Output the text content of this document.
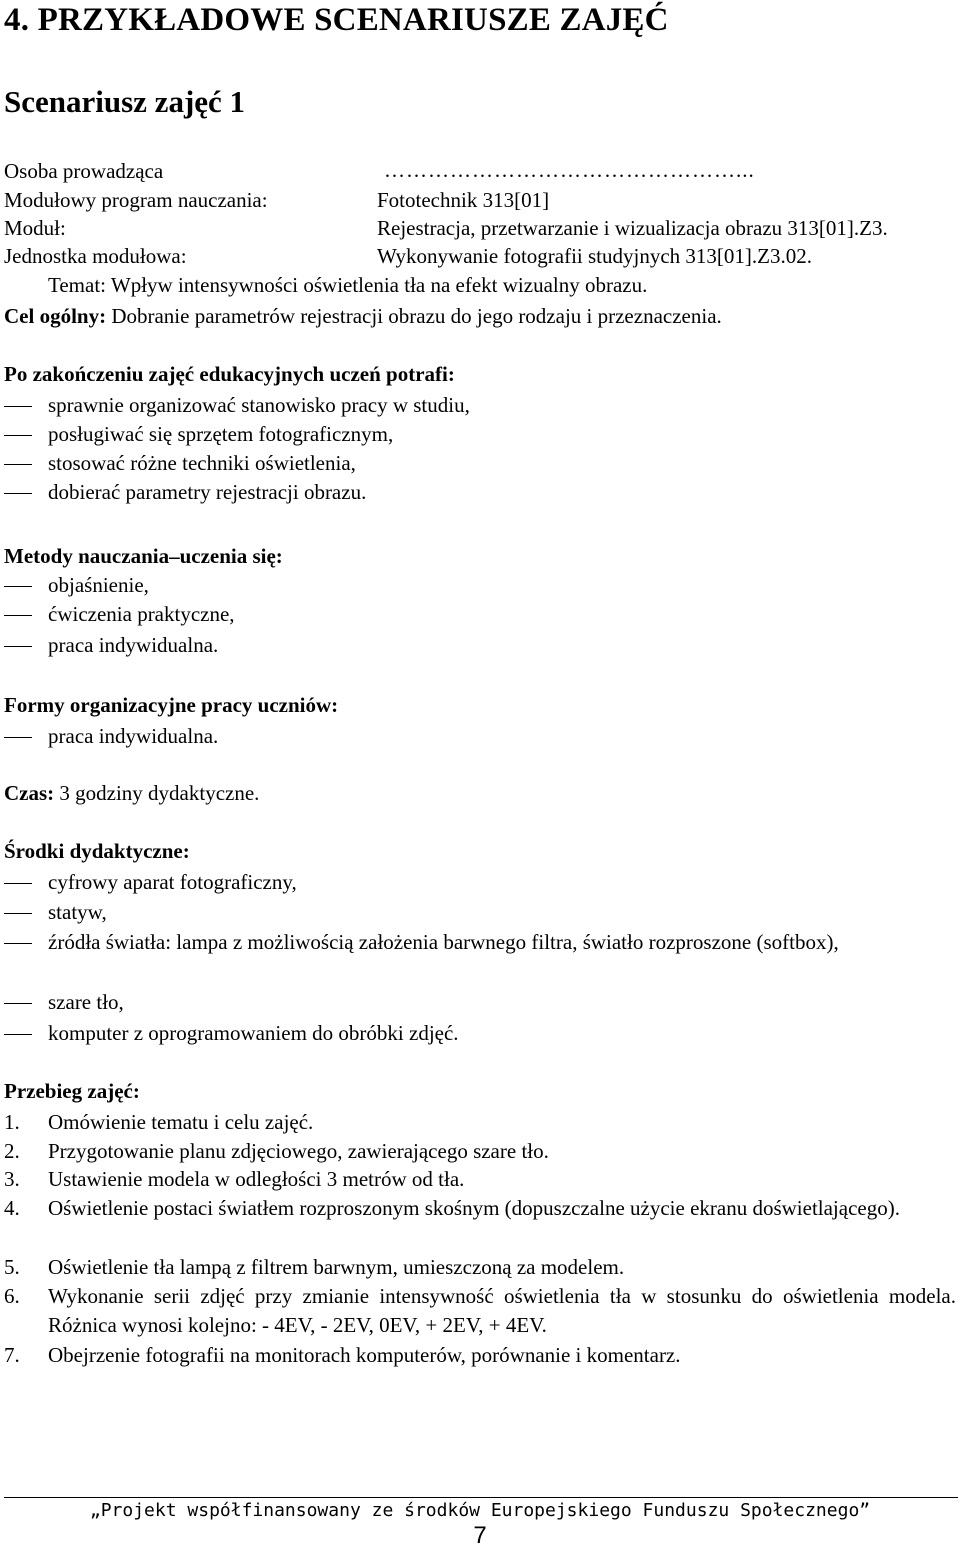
4. PRZYKŁADOWE SCENARIUSZE ZAJĘĆ
Scenariusz zajęć 1
Osoba prowadząca	…………………………………………...
Modułowy program nauczania:	Fototechnik 313[01]
Moduł:	Rejestracja, przetwarzanie i wizualizacja obrazu 313[01].Z3.
Jednostka modułowa:	Wykonywanie fotografii studyjnych 313[01].Z3.02.
Temat: Wpływ intensywności oświetlenia tła na efekt wizualny obrazu.
Cel ogólny: Dobranie parametrów rejestracji obrazu do jego rodzaju i przeznaczenia.
Po zakończeniu zajęć edukacyjnych uczeń potrafi:
sprawnie organizować stanowisko pracy w studiu,
posługiwać się sprzętem fotograficznym,
stosować różne techniki oświetlenia,
dobierać parametry rejestracji obrazu.
Metody nauczania–uczenia się:
objaśnienie,
ćwiczenia praktyczne,
praca indywidualna.
Formy organizacyjne pracy uczniów:
praca indywidualna.
Czas: 3 godziny dydaktyczne.
Środki dydaktyczne:
cyfrowy aparat fotograficzny,
statyw,
źródła światła: lampa z możliwością założenia barwnego filtra, światło rozproszone (softbox),
szare tło,
komputer z oprogramowaniem do obróbki zdjęć.
Przebieg zajęć:
1. Omówienie tematu i celu zajęć.
2. Przygotowanie planu zdjęciowego, zawierającego szare tło.
3. Ustawienie modela w odległości 3 metrów od tła.
4. Oświetlenie postaci światłem rozproszonym skośnym (dopuszczalne użycie ekranu doświetlającego).
5. Oświetlenie tła lampą z filtrem barwnym, umieszczoną za modelem.
6. Wykonanie serii zdjęć przy zmianie intensywność oświetlenia tła w stosunku do oświetlenia modela. Różnica wynosi kolejno: - 4EV, - 2EV, 0EV, + 2EV, + 4EV.
7. Obejrzenie fotografii na monitorach komputerów, porównanie i komentarz.
„Projekt współfinansowany ze środków Europejskiego Funduszu Społecznego”
7
